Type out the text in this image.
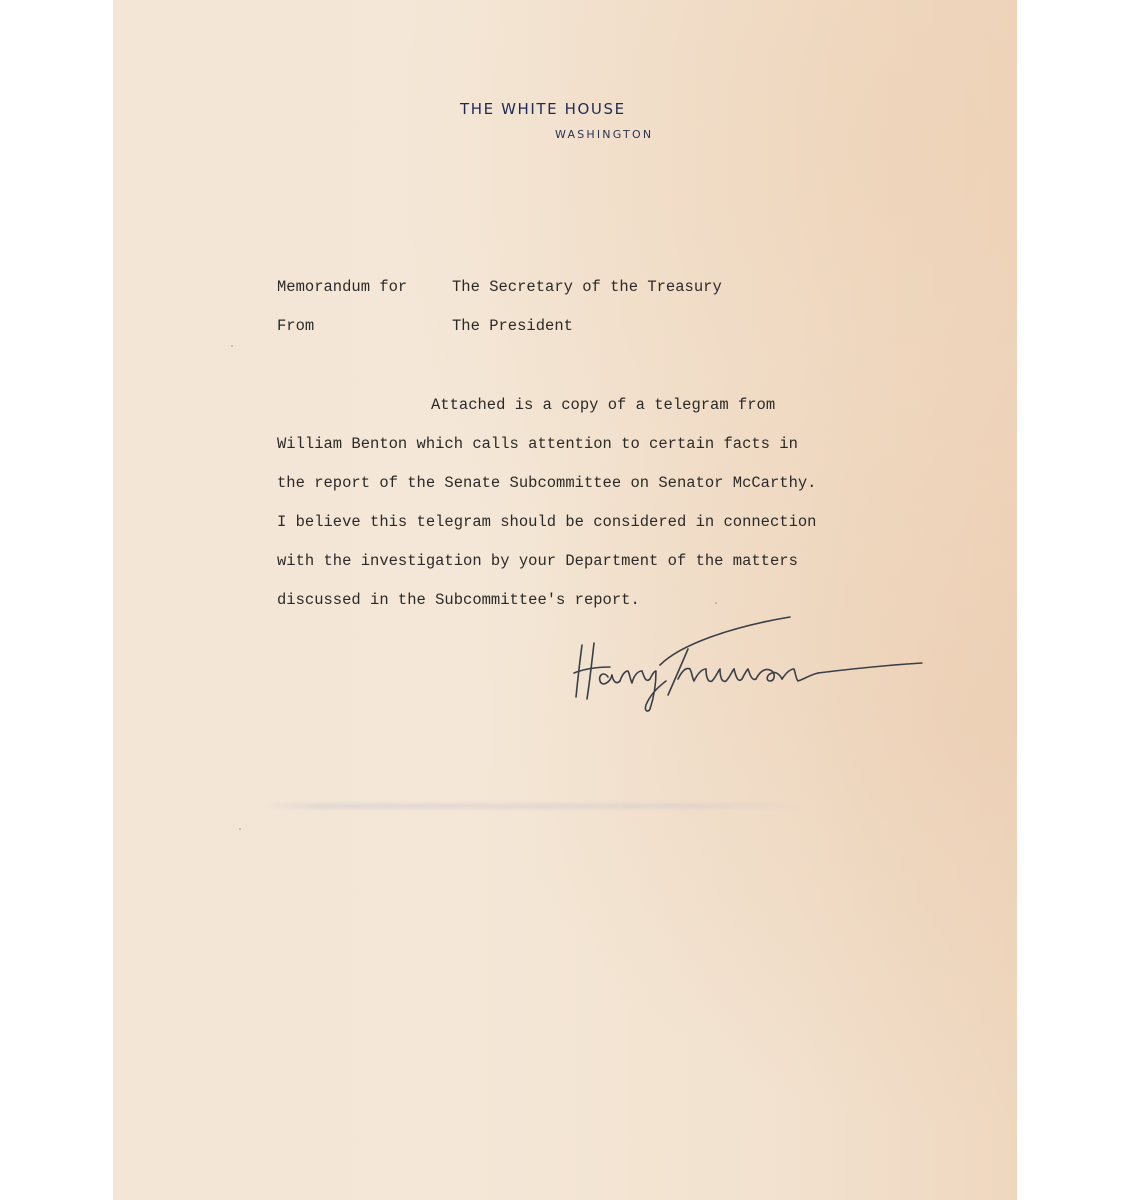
THE WHITE HOUSE
WASHINGTON
Memorandum for	The Secretary of the Treasury
From	The President
Attached is a copy of a telegram from
William Benton which calls attention to certain facts in
the report of the Senate Subcommittee on Senator McCarthy.
I believe this telegram should be considered in connection
with the investigation by your Department of the matters
discussed in the Subcommittee's report.
